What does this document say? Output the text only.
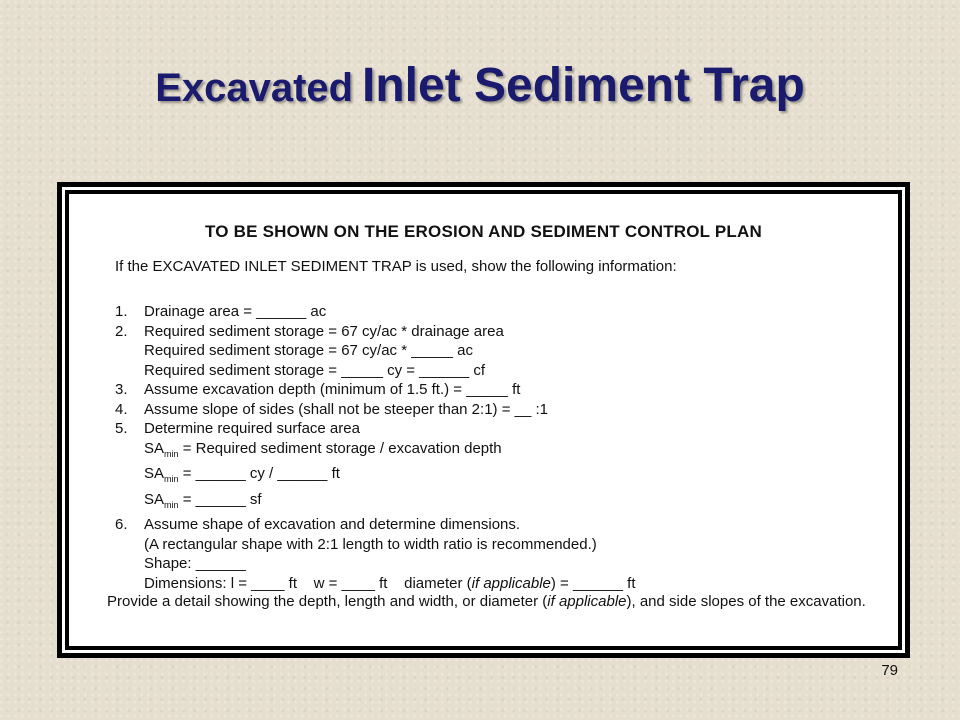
Excavated Inlet Sediment Trap
TO BE SHOWN ON THE EROSION AND SEDIMENT CONTROL PLAN
If the EXCAVATED INLET SEDIMENT TRAP is used, show the following information:
1. Drainage area = ______ ac
2. Required sediment storage = 67 cy/ac * drainage area
Required sediment storage = 67 cy/ac * _____ ac
Required sediment storage = _____ cy = ______ cf
3. Assume excavation depth (minimum of 1.5 ft.) = _____ ft
4. Assume slope of sides (shall not be steeper than 2:1) = __ :1
5. Determine required surface area
$SA_{min}$ = Required sediment storage / excavation depth
$SA_{min}$ = ______ cy / ______ ft
$SA_{min}$ = ______ sf
6. Assume shape of excavation and determine dimensions.
(A rectangular shape with 2:1 length to width ratio is recommended.)
Shape: ______
Dimensions: l = ____ ft    w = ____ ft    diameter (if applicable) = ______ ft
Provide a detail showing the depth, length and width, or diameter (if applicable), and side slopes of the excavation.
79
